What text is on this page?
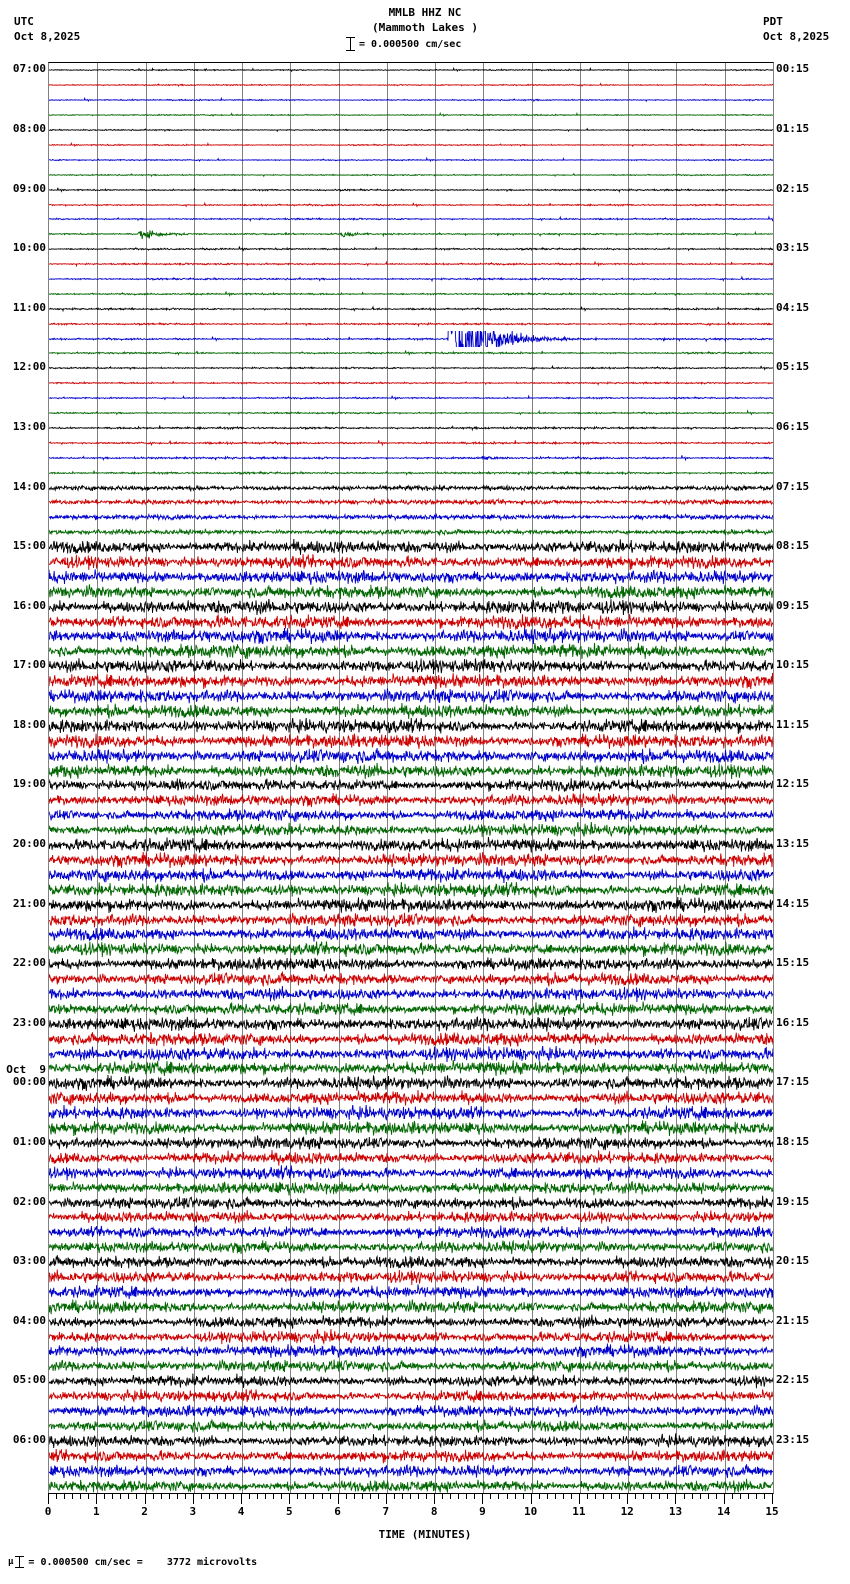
UTC
Oct 8,2025
PDT
Oct 8,2025
MMLB HHZ NC
(Mammoth Lakes )
= 0.000500 cm/sec
07:00
08:00
09:00
10:00
11:00
12:00
13:00
14:00
15:00
16:00
17:00
18:00
19:00
20:00
21:00
22:00
23:00
00:00
Oct  9
01:00
02:00
03:00
04:00
05:00
06:00
00:15
01:15
02:15
03:15
04:15
05:15
06:15
07:15
08:15
09:15
10:15
11:15
12:15
13:15
14:15
15:15
16:15
17:15
18:15
19:15
20:15
21:15
22:15
23:15
0	1	2	3	4	5	6	7	8	9	10	11	12	13	14	15
TIME (MINUTES)
μ = 0.000500 cm/sec =    3772 microvolts
